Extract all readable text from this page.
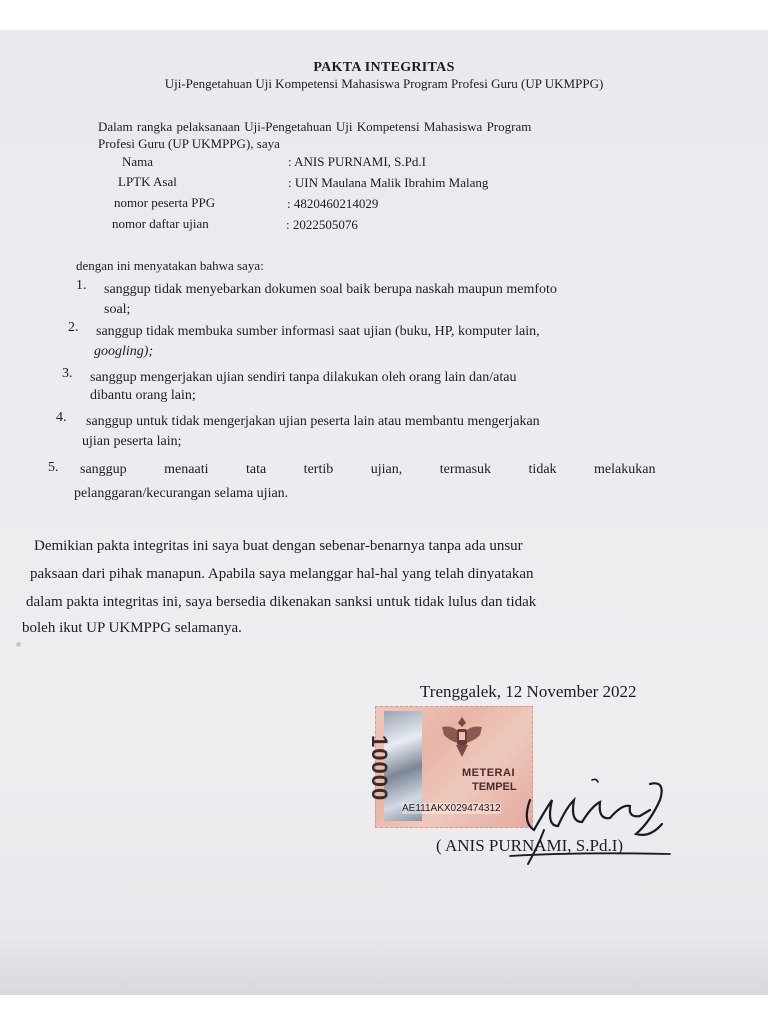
PAKTA INTEGRITAS
Uji-Pengetahuan Uji Kompetensi Mahasiswa Program Profesi Guru (UP UKMPPG)
Dalam rangka pelaksanaan Uji-Pengetahuan Uji Kompetensi Mahasiswa Program
Profesi Guru (UP UKMPPG), saya
Nama	: ANIS PURNAMI, S.Pd.I
LPTK Asal	: UIN Maulana Malik Ibrahim Malang
nomor peserta PPG	: 4820460214029
nomor daftar ujian	: 2022505076
dengan ini menyatakan bahwa saya:
1. sanggup tidak menyebarkan dokumen soal baik berupa naskah maupun memfoto
soal;
2. sanggup tidak membuka sumber informasi saat ujian (buku, HP, komputer lain,
googling);
3. sanggup mengerjakan ujian sendiri tanpa dilakukan oleh orang lain dan/atau
dibantu orang lain;
4. sanggup untuk tidak mengerjakan ujian peserta lain atau membantu mengerjakan
ujian peserta lain;
5. sanggup menaati tata tertib ujian, termasuk tidak melakukan
pelanggaran/kecurangan selama ujian.
Demikian pakta integritas ini saya buat dengan sebenar-benarnya tanpa ada unsur
paksaan dari pihak manapun. Apabila saya melanggar hal-hal yang telah dinyatakan
dalam pakta integritas ini, saya bersedia dikenakan sanksi untuk tidak lulus dan tidak
boleh ikut UP UKMPPG selamanya.
Trenggalek, 12 November 2022
10000	METERAI
TEMPEL
AE111AKX029474312
( ANIS PURNAMI, S.Pd.I)
